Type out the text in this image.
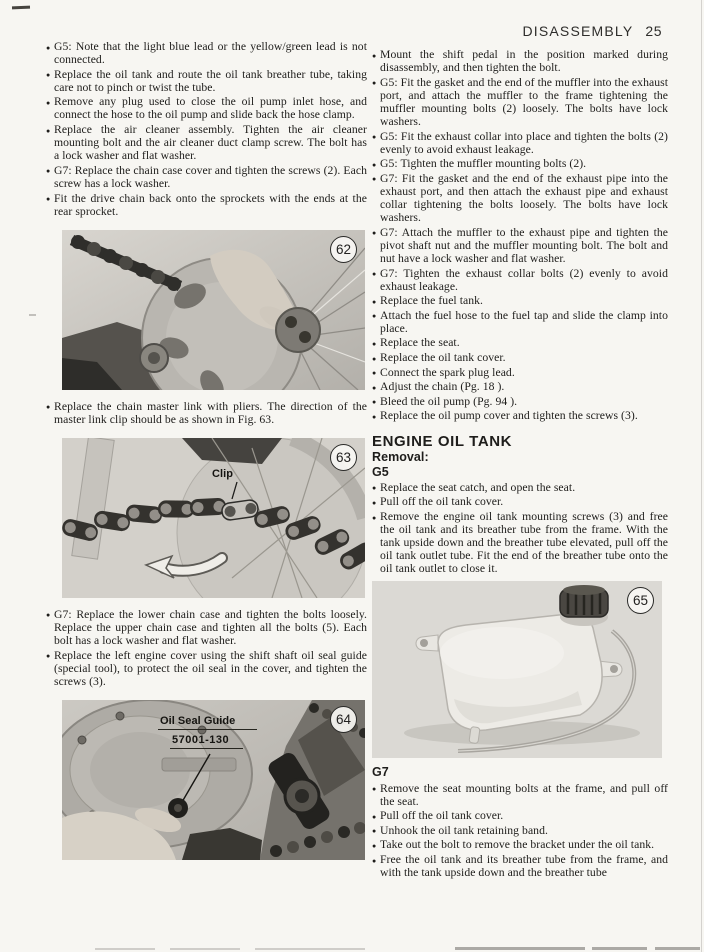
DISASSEMBLY 25

● G5: Note that the light blue lead or the yellow/green lead is not connected.

● Replace the oil tank and route the oil tank breather tube, taking care not to pinch or twist the tube.

● Remove any plug used to close the oil pump inlet hose, and connect the hose to the oil pump and slide back the hose clamp.

● Replace the air cleaner assembly. Tighten the air cleaner mounting bolt and the air cleaner duct clamp screw. The bolt has a lock washer and flat washer.

● G7: Replace the chain case cover and tighten the screws (2). Each screw has a lock washer.

● Fit the drive chain back onto the sprockets with the ends at the rear sprocket.

62

● Replace the chain master link with pliers. The direction of the master link clip should be as shown in Fig. 63.

Clip
63

● G7: Replace the lower chain case and tighten the bolts loosely. Replace the upper chain case and tighten all the bolts (5). Each bolt has a lock washer and flat washer.

● Replace the left engine cover using the shift shaft oil seal guide (special tool), to protect the oil seal in the cover, and tighten the screws (3).

Oil Seal Guide
57001-130
64

● Mount the shift pedal in the position marked during disassembly, and then tighten the bolt.

● G5: Fit the gasket and the end of the muffler into the exhaust port, and attach the muffler to the frame tightening the muffler mounting bolts (2) loosely. The bolts have lock washers.

● G5: Fit the exhaust collar into place and tighten the bolts (2) evenly to avoid exhaust leakage.

● G5: Tighten the muffler mounting bolts (2).

● G7: Fit the gasket and the end of the exhaust pipe into the exhaust port, and then attach the exhaust pipe and exhaust collar tightening the bolts loosely. The bolts have lock washers.

● G7: Attach the muffler to the exhaust pipe and tighten the pivot shaft nut and the muffler mounting bolt. The bolt and nut have a lock washer and flat washer.

● G7: Tighten the exhaust collar bolts (2) evenly to avoid exhaust leakage.

● Replace the fuel tank.

● Attach the fuel hose to the fuel tap and slide the clamp into place.

● Replace the seat.

● Replace the oil tank cover.

● Connect the spark plug lead.

● Adjust the chain (Pg. 18 ).

● Bleed the oil pump (Pg. 94 ).

● Replace the oil pump cover and tighten the screws (3).

ENGINE OIL TANK
Removal:
G5

● Replace the seat catch, and open the seat.

● Pull off the oil tank cover.

● Remove the engine oil tank mounting screws (3) and free the oil tank and its breather tube from the frame. With the tank upside down and the breather tube elevated, pull off the oil tank outlet tube. Fit the end of the breather tube onto the oil tank outlet to close it.

65
G7

● Remove the seat mounting bolts at the frame, and pull off the seat.

● Pull off the oil tank cover.

● Unhook the oil tank retaining band.

● Take out the bolt to remove the bracket under the oil tank.

● Free the oil tank and its breather tube from the frame, and with the tank upside down and the breather tube
